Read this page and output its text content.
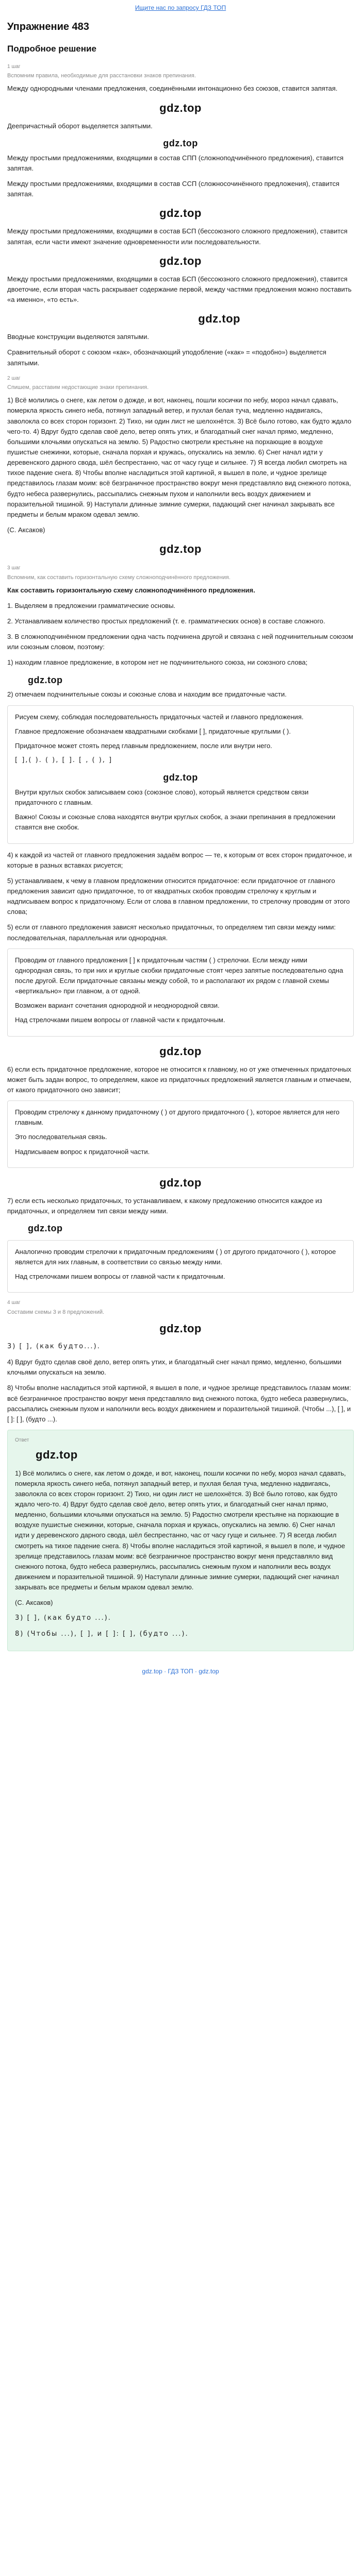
Ищите нас по запросу ГДЗ ТОП
Упражнение 483
Подробное решение
1 шаг
Вспомним правила, необходимые для расстановки знаков препинания.

Между однородными членами предложения, соединёнными интонационно без союзов, ставится запятая.

gdz.top

Деепричастный оборот выделяется запятыми.

gdz.top

Между простыми предложениями, входящими в состав СПП (сложноподчинённого предложения), ставится запятая.

Между простыми предложениями, входящими в состав ССП (сложносочинённого предложения), ставится запятая.

gdz.top

Между простыми предложениями, входящими в состав БСП (бессоюзного сложного предложения), ставится запятая, если части имеют значение одновременности или последовательности.

gdz.top

Между простыми предложениями, входящими в состав БСП (бессоюзного сложного предложения), ставится двоеточие, если вторая часть раскрывает содержание первой, между частями предложения можно поставить «а именно», «то есть».

gdz.top

Вводные конструкции выделяются запятыми.

Сравнительный оборот с союзом «как», обозначающий уподобление («как» = «подобно») выделяется запятыми.

2 шаг
Спишем, расставим недостающие знаки препинания.

1) Всё молились о снеге, как летом о дожде, и вот, наконец, пошли косички по небу, мороз начал сдавать, померкла яркость синего неба, потянул западный ветер, и пухлая белая туча, медленно надвигаясь, заволокла со всех сторон горизонт. 2) Тихо, ни один лист не шелохнётся. 3) Всё было готово, как будто ждало чего-то. 4) Вдруг будто сделав своё дело, ветер опять утих, и благодатный снег начал прямо, медленно, большими клочьями опускаться на землю. 5) Радостно смотрели крестьяне на порхающие в воздухе пушистые снежинки, которые, сначала порхая и кружась, опускались на землю. 6) Снег начал идти у деревенского дарного свода, шёл беспрестанно, час от часу гуще и сильнее. 7) Я всегда любил смотреть на тихое падение снега. 8) Чтобы вполне насладиться этой картиной, я вышел в поле, и чудное зрелище представилось глазам моим: всё безграничное пространство вокруг меня представляло вид снежного потока, будто небеса развернулись, рассыпались снежным пухом и наполнили весь воздух движением и поразительной тишиной. 9) Наступали длинные зимние сумерки, падающий снег начинал закрывать все предметы и белым мраком одевал землю.

(С. Аксаков)

gdz.top
3 шаг
Вспомним, как составить горизонтальную схему сложноподчинённого предложения.

Как составить горизонтальную схему сложноподчинённого предложения.

1. Выделяем в предложении грамматические основы.

2. Устанавливаем количество простых предложений (т. е. грамматических основ) в составе сложного.

3. В сложноподчинённом предложении одна часть подчинена другой и связана с ней подчинительным союзом или союзным словом, поэтому:

1) находим главное предложение, в котором нет не подчинительного союза, ни союзного слова;

gdz.top

2) отмечаем подчинительные союзы и союзные слова и находим все придаточные части.

Рисуем схему, соблюдая последовательность придаточных частей и главного предложения.

Главное предложение обозначаем квадратными скобками [ ], придаточные круглыми ( ).

Придаточное может стоять перед главным предложением, после или внутри него.

[ ],( ). ( ), [ ]. [ , ( ), ]
gdz.top

Внутри круглых скобок записываем союз (союзное слово), который является средством связи придаточного с главным.

Важно! Союзы и союзные слова находятся внутри круглых скобок, а знаки препинания в предложении ставятся вне скобок.

4) к каждой из частей от главного предложения задаём вопрос — те, к которым от всех сторон придаточное, и которые в разных вставках рисуется;

5) устанавливаем, к чему в главном предложении относится придаточное: если придаточное от главного предложения зависит одно придаточное, то от квадратных скобок проводим стрелочку к круглым и надписываем вопрос к придаточному. Если от слова в главном предложении, то стрелочку проводим от этого слова;

5) если от главного предложения зависят несколько придаточных, то определяем тип связи между ними: последовательная, параллельная или однородная.

Проводим от главного предложения [ ] к придаточным частям ( ) стрелочки. Если между ними однородная связь, то при них и круглые скобки придаточные стоят через запятые последовательно одна после другой. Если придаточные связаны между собой, то и располагают их рядом с главной схемы «вертикально» при главном, а от одной.

Возможен вариант сочетания однородной и неоднородной связи.

Над стрелочками пишем вопросы от главной части к придаточным.

gdz.top

6) если есть придаточное предложение, которое не относится к главному, но от уже отмеченных придаточных может быть задан вопрос, то определяем, какое из придаточных предложений является главным и отмечаем, от какого придаточного оно зависит;

Проводим стрелочку к данному придаточному ( ) от другого придаточного ( ), которое является для него главным.

Это последовательная связь.

Надписываем вопрос к придаточной части.

gdz.top

7) если есть несколько придаточных, то устанавливаем, к какому предложению относится каждое из придаточных, и определяем тип связи между ними.

gdz.top

Аналогично проводим стрелочки к придаточным предложениям ( ) от другого придаточного ( ), которое является для них главным, в соответствии со связью между ними.

Над стрелочками пишем вопросы от главной части к придаточным.

4 шаг
Составим схемы 3 и 8 предложений.
gdz.top

3) [ ], (как будто...).

4) Вдруг будто сделав своё дело, ветер опять утих, и благодатный снег начал прямо, медленно, большими клочьями опускаться на землю.

8) Чтобы вполне насладиться этой картиной, я вышел в поле, и чудное зрелище представилось глазам моим: всё безграничное пространство вокруг меня представляло вид снежного потока, будто небеса развернулись, рассыпались снежным пухом и наполнили весь воздух движением и поразительной тишиной. (Чтобы ...), [ ], и [ ]: [ ], (будто ...).

Ответ
gdz.top

1) Всё молились о снеге, как летом о дожде, и вот, наконец, пошли косички по небу, мороз начал сдавать, померкла яркость синего неба, потянул западный ветер, и пухлая белая туча, медленно надвигаясь, заволокла со всех сторон горизонт. 2) Тихо, ни один лист не шелохнётся. 3) Всё было готово, как будто ждало чего-то. 4) Вдруг будто сделав своё дело, ветер опять утих, и благодатный снег начал прямо, медленно, большими клочьями опускаться на землю. 5) Радостно смотрели крестьяне на порхающие в воздухе пушистые снежинки, которые, сначала порхая и кружась, опускались на землю. 6) Снег начал идти у деревенского дарного свода, шёл беспрестанно, час от часу гуще и сильнее. 7) Я всегда любил смотреть на тихое падение снега. 8) Чтобы вполне насладиться этой картиной, я вышел в поле, и чудное зрелище представилось глазам моим: всё безграничное пространство вокруг меня представляло вид снежного потока, будто небеса развернулись, рассыпались снежным пухом и наполнили весь воздух движением и поразительной тишиной. 9) Наступали длинные зимние сумерки, падающий снег начинал закрывать все предметы и белым мраком одевал землю.

(С. Аксаков)

3) [ ], (как будто ...).

8) (Чтобы ...), [ ], и [ ]: [ ], (будто ...).

gdz.top · ГДЗ ТОП · gdz.top
